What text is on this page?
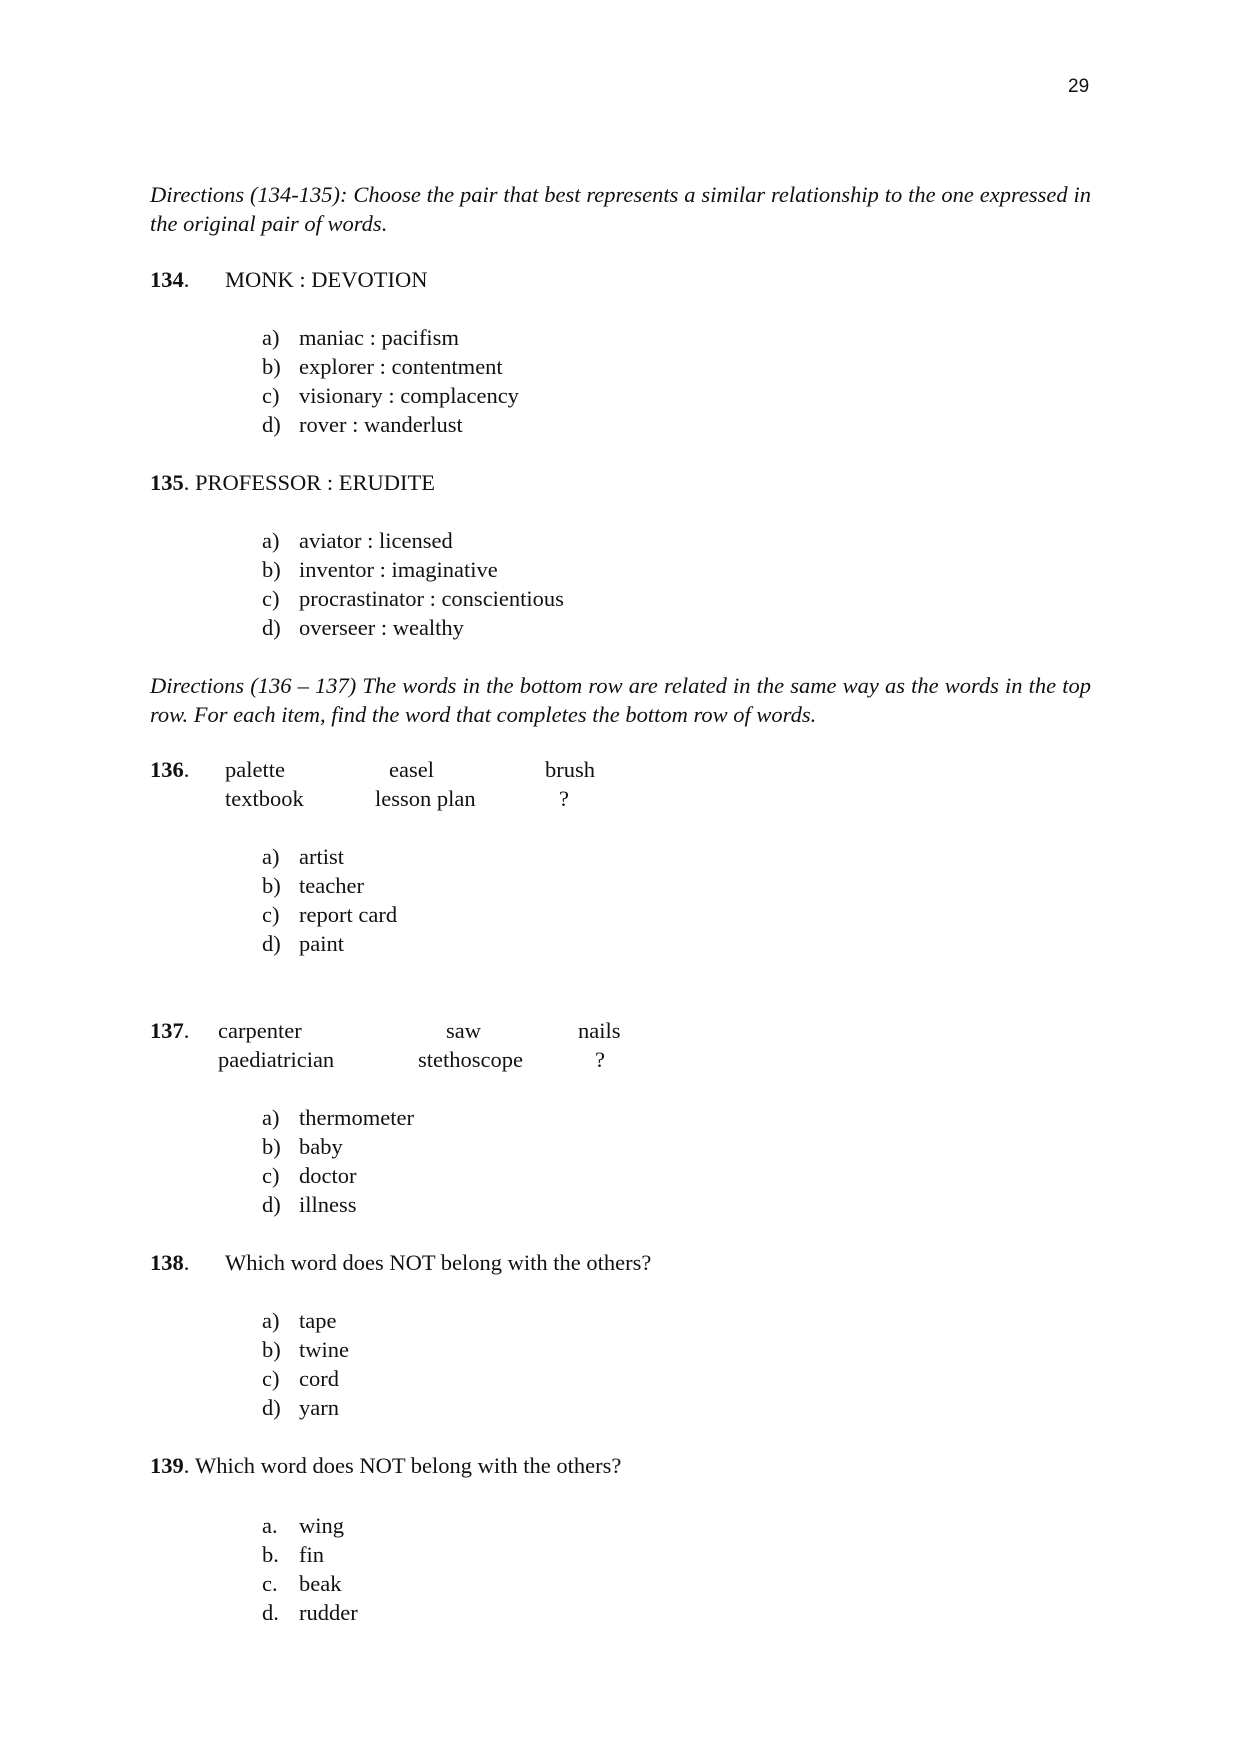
29

Directions (134-135): Choose the pair that best represents a similar relationship to the one expressed in the original pair of words.

134.	MONK : DEVOTION
a) maniac : pacifism
b) explorer : contentment
c) visionary : complacency
d) rover : wanderlust
135. PROFESSOR : ERUDITE
a) aviator : licensed
b) inventor : imaginative
c) procrastinator : conscientious
d) overseer : wealthy

Directions (136 – 137) The words in the bottom row are related in the same way as the words in the top row. For each item, find the word that completes the bottom row of words.

136.	palette	easel	brush
textbook	lesson plan	?
a) artist
b) teacher
c) report card
d) paint
137.	carpenter	saw	nails
paediatrician	stethoscope	?
a) thermometer
b) baby
c) doctor
d) illness
138.	Which word does NOT belong with the others?
a) tape
b) twine
c) cord
d) yarn
139. Which word does NOT belong with the others?
a. wing
b. fin
c. beak
d. rudder
